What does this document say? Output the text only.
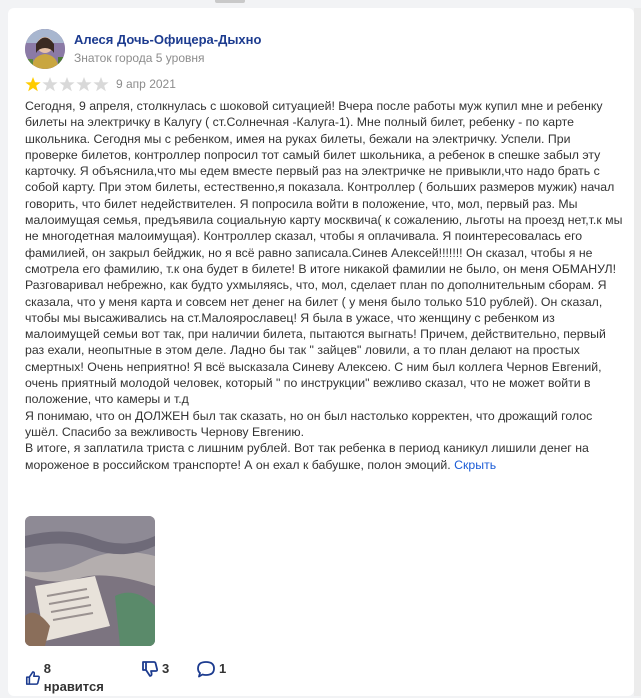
Алеся Дочь-Офицера-Дыхно
Знаток города 5 уровня
9 апр 2021

Сегодня, 9 апреля, столкнулась с шоковой ситуацией! Вчера после работы муж купил мне и ребенку билеты на электричку в Калугу ( ст.Солнечная -Калуга-1). Мне полный билет, ребенку - по карте школьника. Сегодня мы с ребенком, имея на руках билеты, бежали на электричку. Успели. При проверке билетов, контроллер попросил тот самый билет школьника, а ребенок в спешке забыл эту карточку. Я объяснила,что мы едем вместе первый раз на электричке не привыкли,что надо брать с собой карту. При этом билеты, естественно,я показала. Контроллер ( больших размеров мужик) начал говорить, что билет недействителен. Я попросила войти в положение, что, мол, первый раз. Мы малоимущая семья, предъявила социальную карту москвича( к сожалению, льготы на проезд нет,т.к мы не многодетная малоимущая). Контроллер сказал, чтобы я оплачивала. Я поинтересовалась его фамилией, он закрыл бейджик, но я всё равно записала.Синев Алексей!!!!!!! Он сказал, чтобы я не смотрела его фамилию, т.к она будет в билете! В итоге никакой фамилии не было, он меня ОБМАНУЛ! Разговаривал небрежно, как будто ухмыляясь, что, мол, сделает план по дополнительным сборам. Я сказала, что у меня карта и совсем нет денег на билет ( у меня было только 510 рублей). Он сказал, чтобы мы высаживались на ст.Малоярославец! Я была в ужасе, что женщину с ребенком из малоимущей семьи вот так, при наличии билета, пытаются выгнать! Причем, действительно, первый раз ехали, неопытные в этом деле. Ладно бы так " зайцев" ловили, а то план делают на простых смертных! Очень неприятно! Я всё высказала Синеву Алексею. С ним был коллега Чернов Евгений, очень приятный молодой человек, который " по инструкции" вежливо сказал, что не может войти в положение, что камеры и т.д

Я понимаю, что он ДОЛЖЕН был так сказать, но он был настолько корректен, что дрожащий голос ушёл. Спасибо за вежливость Чернову Евгению.

В итоге, я заплатила триста с лишним рублей. Вот так ребенка в период каникул лишили денег на мороженое в российском транспорте! А он ехал к бабушке, полон эмоций. Скрыть

8 нравится
3	1
